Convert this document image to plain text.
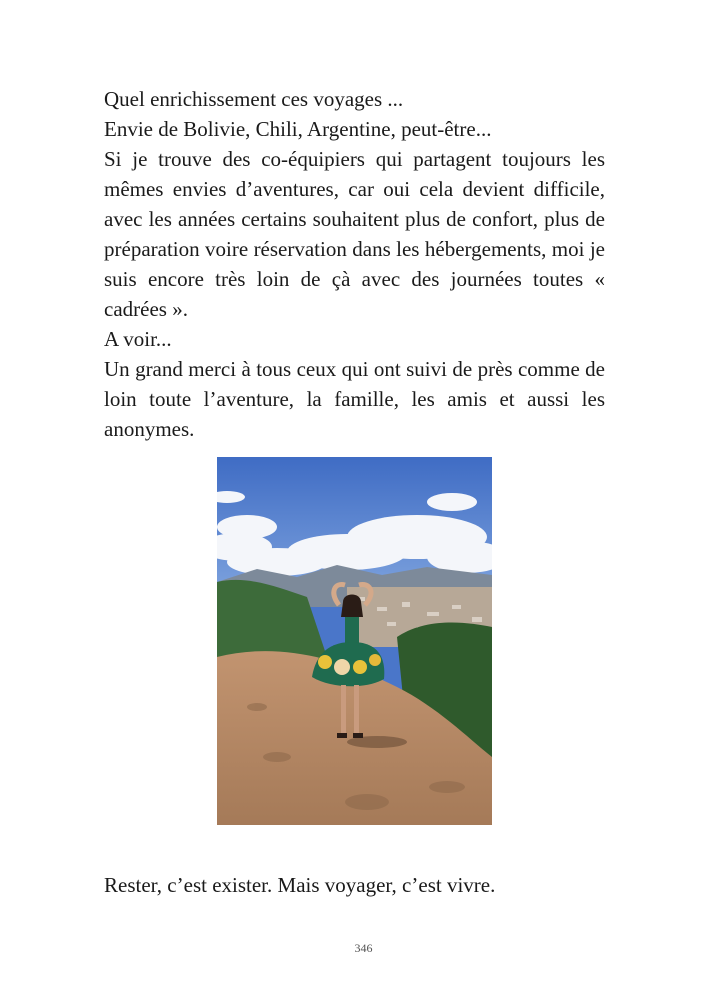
Quel enrichissement ces voyages ...

Envie de Bolivie, Chili, Argentine, peut-être...

Si je trouve des co-équipiers qui partagent toujours les mêmes envies d’aventures, car oui cela devient difficile, avec les années certains souhaitent plus de confort, plus de préparation voire réservation dans les hébergements, moi je suis encore très loin de çà avec des journées toutes « cadrées ».

A voir...

Un grand merci à tous ceux qui ont suivi de près comme de loin toute l’aventure, la famille, les amis et aussi les anonymes.

Rester, c’est exister. Mais voyager, c’est vivre.

346
